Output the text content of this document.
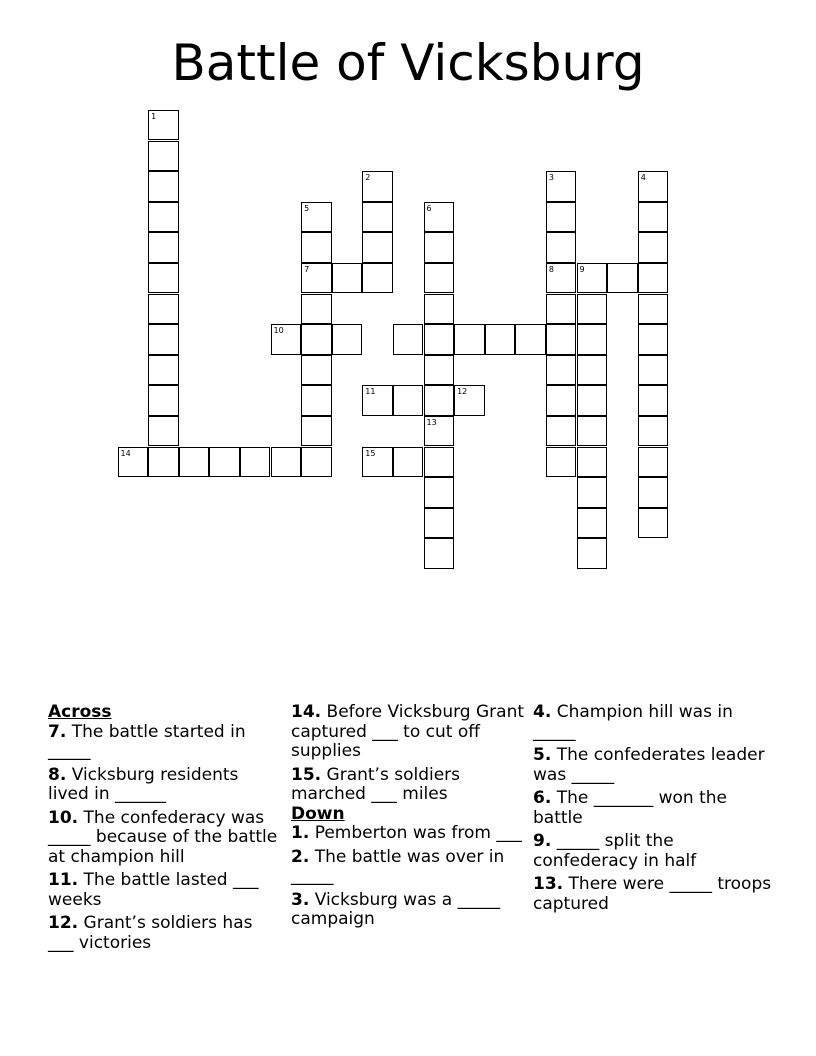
Battle of Vicksburg
1
14
5
7
2
10
6
11	12
15
13
3
8	9
4
Across

7. The battle started in _____

8. Vicksburg residents lived in ______

10. The confederacy was _____ because of the battle at champion hill

11. The battle lasted ___ weeks

12. Grant’s soldiers has ___ victories

14. Before Vicksburg Grant captured ___ to cut off supplies

15. Grant’s soldiers marched ___ miles

Down

1. Pemberton was from ___

2. The battle was over in _____

3. Vicksburg was a _____ campaign

4. Champion hill was in _____

5. The confederates leader was _____

6. The _______ won the battle

9. _____ split the confederacy in half

13. There were _____ troops captured
